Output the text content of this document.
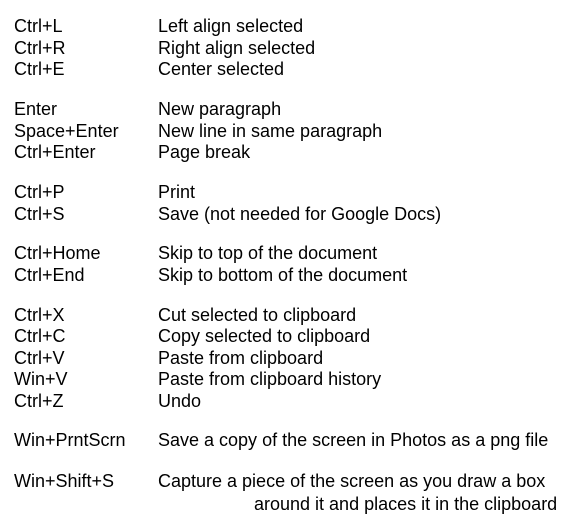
Ctrl+L	Left align selected
Ctrl+R	Right align selected
Ctrl+E	Center selected
Enter	New paragraph
Space+Enter New line in same paragraph
Ctrl+Enter	Page break
Ctrl+P	Print
Ctrl+S	Save (not needed for Google Docs)
Ctrl+Home	Skip to top of the document
Ctrl+End	Skip to bottom of the document
Ctrl+X	Cut selected to clipboard
Ctrl+C	Copy selected to clipboard
Ctrl+V	Paste from clipboard
Win+V	Paste from clipboard history
Ctrl+Z	Undo
Win+PrntScrn Save a copy of the screen in Photos as a png file
Win+Shift+S Capture a piece of the screen as you draw a box
around it and places it in the clipboard
